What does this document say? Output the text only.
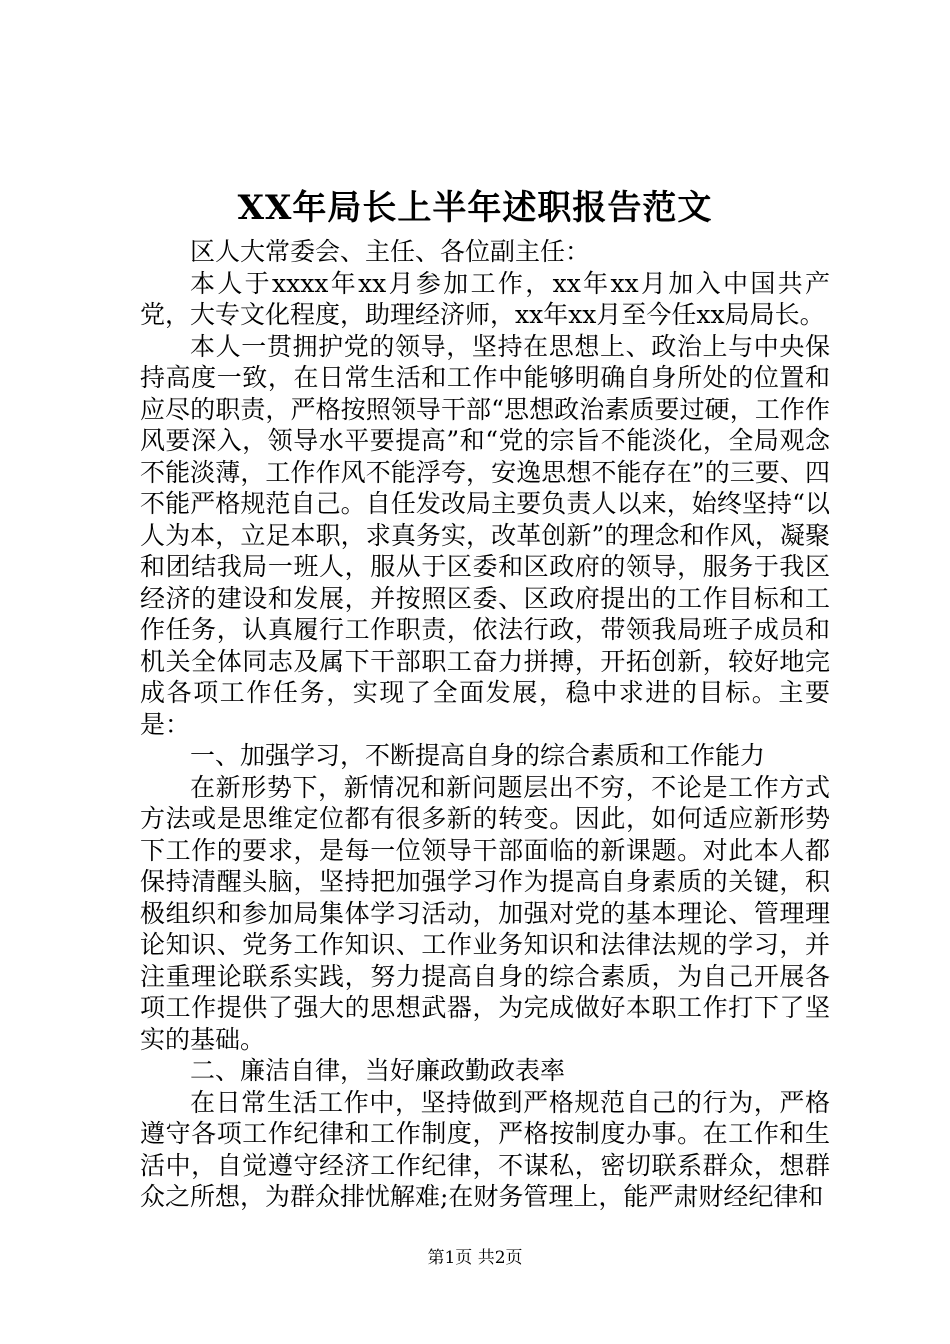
XX年局长上半年述职报告范文

区人大常委会、主任、各位副主任：

本人于xxxx年xx月参加工作，xx年xx月加入中国共产党，大专文化程度，助理经济师，xx年xx月至今任xx局局长。

本人一贯拥护党的领导，坚持在思想上、政治上与中央保持高度一致，在日常生活和工作中能够明确自身所处的位置和应尽的职责，严格按照领导干部“思想政治素质要过硬，工作作风要深入，领导水平要提高”和“党的宗旨不能淡化，全局观念不能淡薄，工作作风不能浮夸，安逸思想不能存在”的三要、四不能严格规范自己。自任发改局主要负责人以来，始终坚持“以人为本，立足本职，求真务实，改革创新”的理念和作风，凝聚和团结我局一班人，服从于区委和区政府的领导，服务于我区经济的建设和发展，并按照区委、区政府提出的工作目标和工作任务，认真履行工作职责，依法行政，带领我局班子成员和机关全体同志及属下干部职工奋力拼搏，开拓创新，较好地完成各项工作任务，实现了全面发展，稳中求进的目标。主要是：

一、加强学习，不断提高自身的综合素质和工作能力

在新形势下，新情况和新问题层出不穷，不论是工作方式方法或是思维定位都有很多新的转变。因此，如何适应新形势下工作的要求，是每一位领导干部面临的新课题。对此本人都保持清醒头脑，坚持把加强学习作为提高自身素质的关键，积极组织和参加局集体学习活动，加强对党的基本理论、管理理论知识、党务工作知识、工作业务知识和法律法规的学习，并注重理论联系实践，努力提高自身的综合素质，为自己开展各项工作提供了强大的思想武器，为完成做好本职工作打下了坚实的基础。

二、廉洁自律，当好廉政勤政表率

在日常生活工作中，坚持做到严格规范自己的行为，严格遵守各项工作纪律和工作制度，严格按制度办事。在工作和生活中，自觉遵守经济工作纪律，不谋私，密切联系群众，想群众之所想，为群众排忧解难;在财务管理上，能严肃财经纪律和

第1页 共2页
